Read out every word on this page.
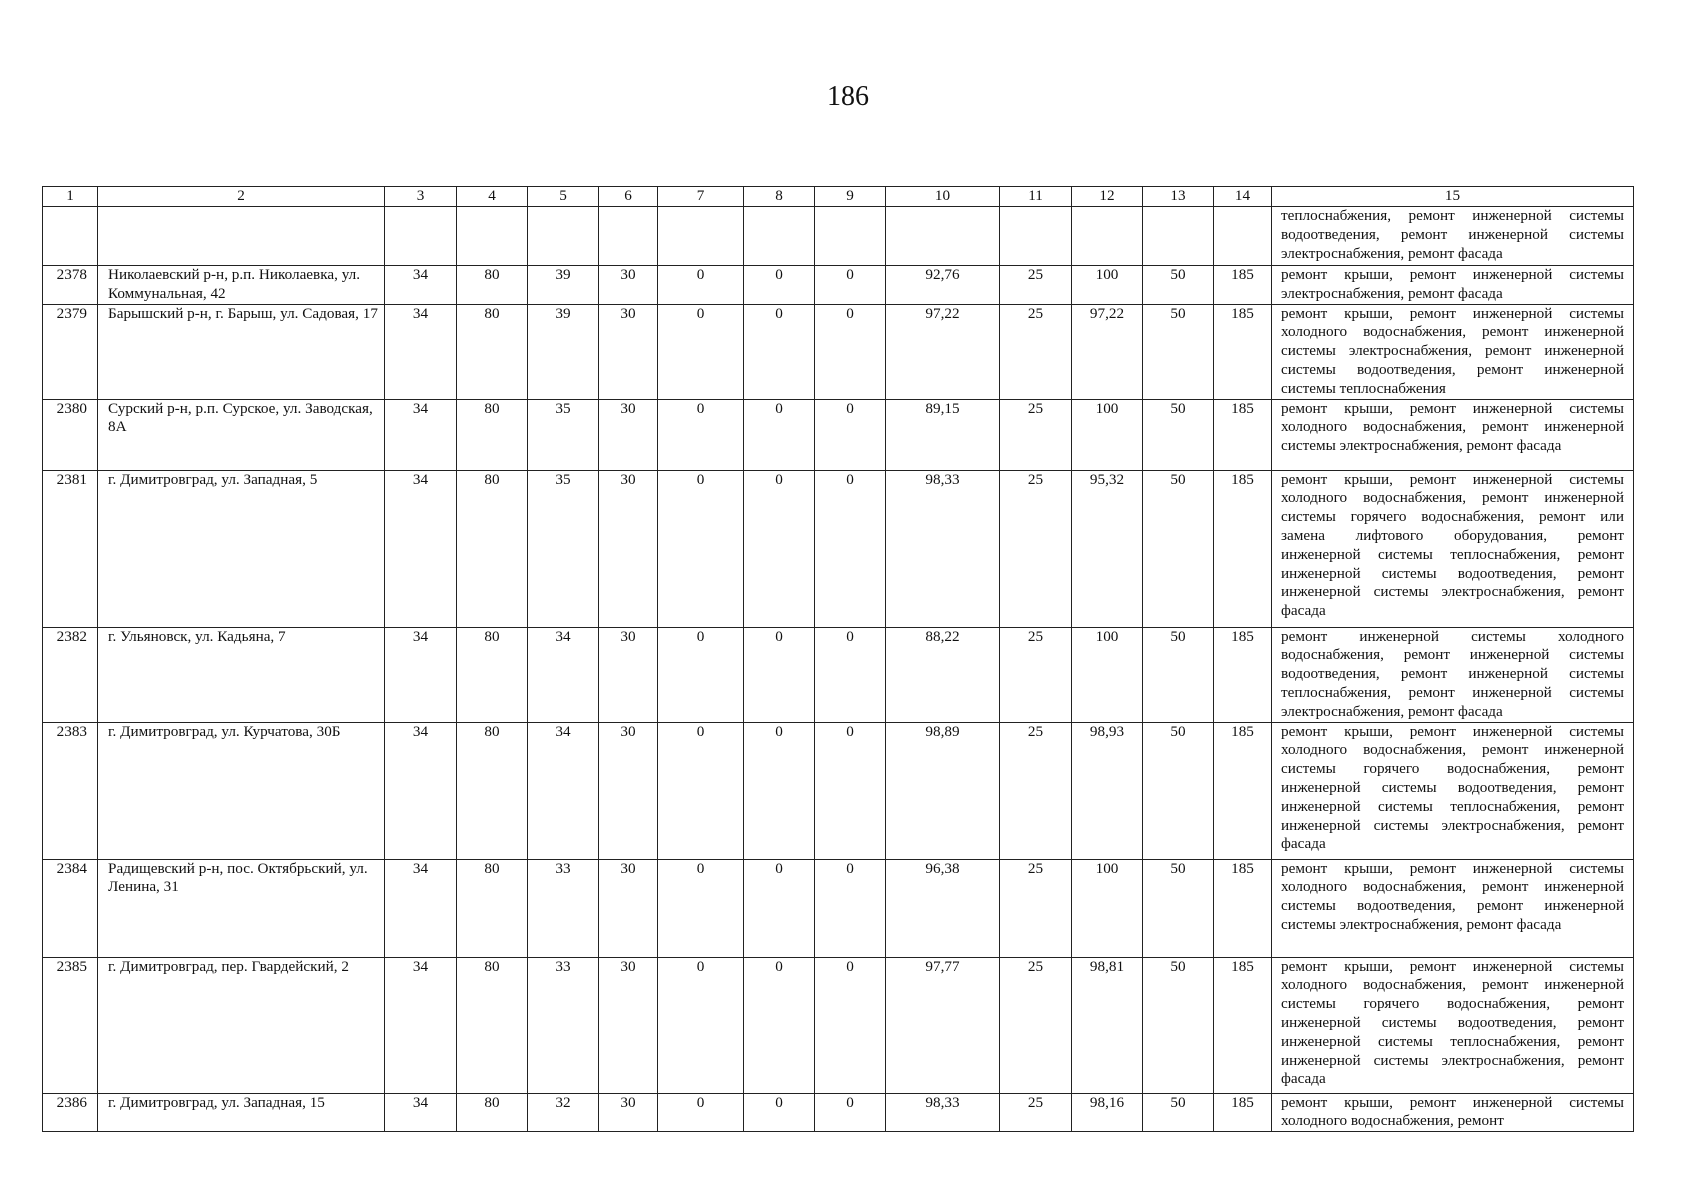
186
1	2	3	4	5	6	7	8	9	10	11	12	13	14	15
														теплоснабжения, ремонт инженерной системы водоотведения, ремонт инженерной системы электроснабжения, ремонт фасада
2378	Николаевский р-н, р.п. Николаевка, ул. Коммунальная, 42	34	80	39	30	0	0	0	92,76	25	100	50	185	ремонт крыши, ремонт инженерной системы электроснабжения, ремонт фасада
2379	Барышский р-н, г. Барыш, ул. Садовая, 17	34	80	39	30	0	0	0	97,22	25	97,22	50	185	ремонт крыши, ремонт инженерной системы холодного водоснабжения, ремонт инженерной системы электроснабжения, ремонт инженерной системы водоотведения, ремонт инженерной системы теплоснабжения
2380	Сурский р-н, р.п. Сурское, ул. Заводская, 8А	34	80	35	30	0	0	0	89,15	25	100	50	185	ремонт крыши, ремонт инженерной системы холодного водоснабжения, ремонт инженерной системы электроснабжения, ремонт фасада
2381	г. Димитровград, ул. Западная, 5	34	80	35	30	0	0	0	98,33	25	95,32	50	185	ремонт крыши, ремонт инженерной системы холодного водоснабжения, ремонт инженерной системы горячего водоснабжения, ремонт или замена лифтового оборудования, ремонт инженерной системы теплоснабжения, ремонт инженерной системы водоотведения, ремонт инженерной системы электроснабжения, ремонт фасада
2382	г. Ульяновск, ул. Кадьяна, 7	34	80	34	30	0	0	0	88,22	25	100	50	185	ремонт инженерной системы холодного водоснабжения, ремонт инженерной системы водоотведения, ремонт инженерной системы теплоснабжения, ремонт инженерной системы электроснабжения, ремонт фасада
2383	г. Димитровград, ул. Курчатова, 30Б	34	80	34	30	0	0	0	98,89	25	98,93	50	185	ремонт крыши, ремонт инженерной системы холодного водоснабжения, ремонт инженерной системы горячего водоснабжения, ремонт инженерной системы водоотведения, ремонт инженерной системы теплоснабжения, ремонт инженерной системы электроснабжения, ремонт фасада
2384	Радищевский р-н, пос. Октябрьский, ул. Ленина, 31	34	80	33	30	0	0	0	96,38	25	100	50	185	ремонт крыши, ремонт инженерной системы холодного водоснабжения, ремонт инженерной системы водоотведения, ремонт инженерной системы электроснабжения, ремонт фасада
2385	г. Димитровград, пер. Гвардейский, 2	34	80	33	30	0	0	0	97,77	25	98,81	50	185	ремонт крыши, ремонт инженерной системы холодного водоснабжения, ремонт инженерной системы горячего водоснабжения, ремонт инженерной системы водоотведения, ремонт инженерной системы теплоснабжения, ремонт инженерной системы электроснабжения, ремонт фасада
2386	г. Димитровград, ул. Западная, 15	34	80	32	30	0	0	0	98,33	25	98,16	50	185	ремонт крыши, ремонт инженерной системы холодного водоснабжения, ремонт
